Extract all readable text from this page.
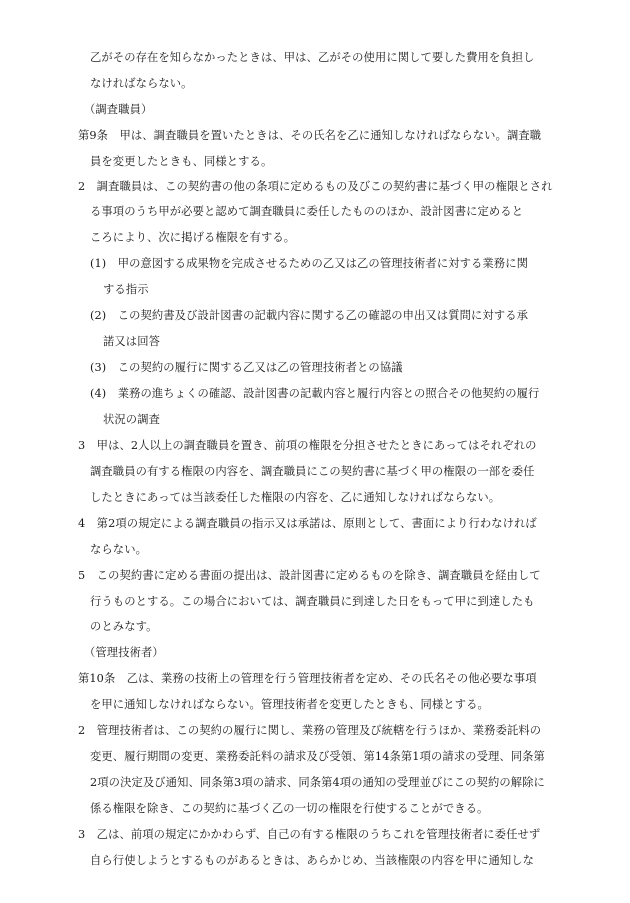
乙がその存在を知らなかったときは、甲は、乙がその使用に関して要した費用を負担し
なければならない。
（調査職員）
第9条　甲は、調査職員を置いたときは、その氏名を乙に通知しなければならない。調査職
員を変更したときも、同様とする。
2　調査職員は、この契約書の他の条項に定めるもの及びこの契約書に基づく甲の権限とされ
る事項のうち甲が必要と認めて調査職員に委任したもののほか、設計図書に定めると
ころにより、次に掲げる権限を有する。
(1)　甲の意図する成果物を完成させるための乙又は乙の管理技術者に対する業務に関
する指示
(2)　この契約書及び設計図書の記載内容に関する乙の確認の申出又は質問に対する承
諾又は回答
(3)　この契約の履行に関する乙又は乙の管理技術者との協議
(4)　業務の進ちょくの確認、設計図書の記載内容と履行内容との照合その他契約の履行
状況の調査
3　甲は、2人以上の調査職員を置き、前項の権限を分担させたときにあってはそれぞれの
調査職員の有する権限の内容を、調査職員にこの契約書に基づく甲の権限の一部を委任
したときにあっては当該委任した権限の内容を、乙に通知しなければならない。
4　第2項の規定による調査職員の指示又は承諾は、原則として、書面により行わなければ
ならない。
5　この契約書に定める書面の提出は、設計図書に定めるものを除き、調査職員を経由して
行うものとする。この場合においては、調査職員に到達した日をもって甲に到達したも
のとみなす。
（管理技術者）
第10条　乙は、業務の技術上の管理を行う管理技術者を定め、その氏名その他必要な事項
を甲に通知しなければならない。管理技術者を変更したときも、同様とする。
2　管理技術者は、この契約の履行に関し、業務の管理及び統轄を行うほか、業務委託料の
変更、履行期間の変更、業務委託料の請求及び受領、第14条第1項の請求の受理、同条第
2項の決定及び通知、同条第3項の請求、同条第4項の通知の受理並びにこの契約の解除に
係る権限を除き、この契約に基づく乙の一切の権限を行使することができる。
3　乙は、前項の規定にかかわらず、自己の有する権限のうちこれを管理技術者に委任せず
自ら行使しようとするものがあるときは、あらかじめ、当該権限の内容を甲に通知しな
